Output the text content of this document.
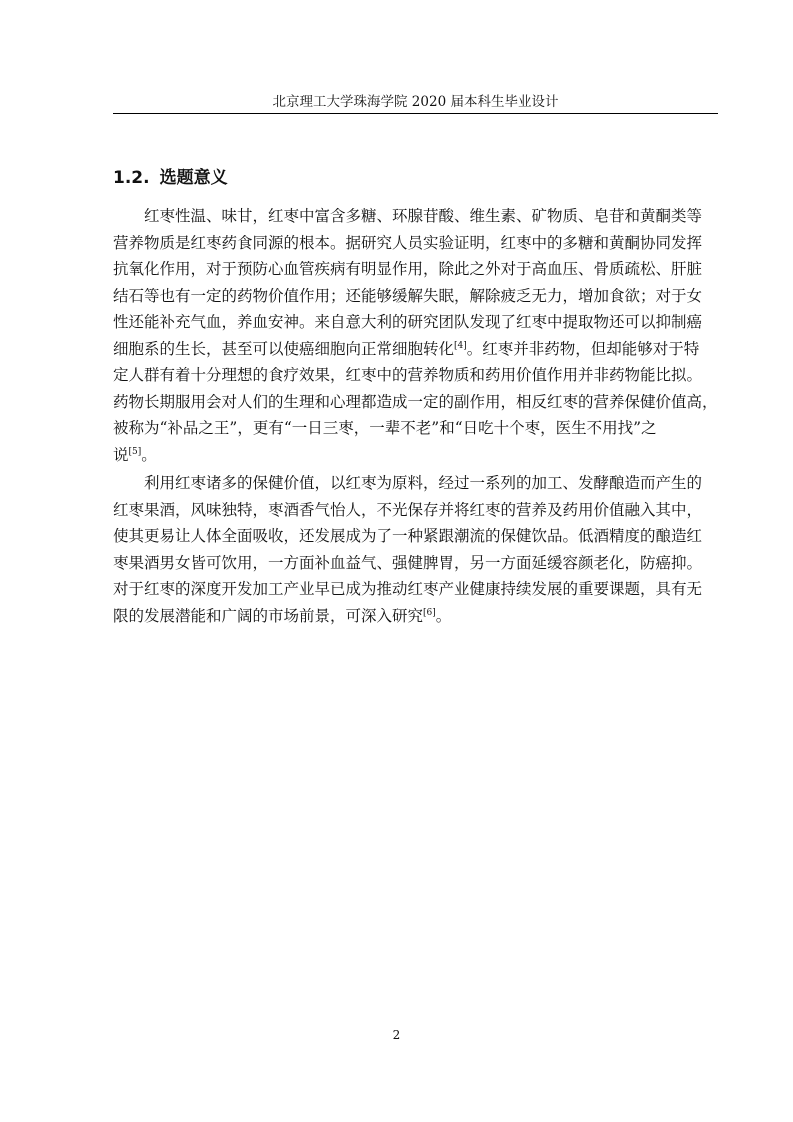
北京理工大学珠海学院 2020 届本科生毕业设计
1.2. 选题意义
红枣性温、味甘，红枣中富含多糖、环腺苷酸、维生素、矿物质、皂苷和黄酮类等
营养物质是红枣药食同源的根本。据研究人员实验证明，红枣中的多糖和黄酮协同发挥
抗氧化作用，对于预防心血管疾病有明显作用，除此之外对于高血压、骨质疏松、肝脏
结石等也有一定的药物价值作用；还能够缓解失眠，解除疲乏无力，增加食欲；对于女
性还能补充气血，养血安神。来自意大利的研究团队发现了红枣中提取物还可以抑制癌
细胞系的生长，甚至可以使癌细胞向正常细胞转化[4]。红枣并非药物，但却能够对于特
定人群有着十分理想的食疗效果，红枣中的营养物质和药用价值作用并非药物能比拟。
药物长期服用会对人们的生理和心理都造成一定的副作用，相反红枣的营养保健价值高，
被称为“补品之王”，更有“一日三枣，一辈不老”和“日吃十个枣，医生不用找”之
说[5]。
利用红枣诸多的保健价值，以红枣为原料，经过一系列的加工、发酵酿造而产生的
红枣果酒，风味独特，枣酒香气怡人，不光保存并将红枣的营养及药用价值融入其中，
使其更易让人体全面吸收，还发展成为了一种紧跟潮流的保健饮品。低酒精度的酿造红
枣果酒男女皆可饮用，一方面补血益气、强健脾胃，另一方面延缓容颜老化，防癌抑。
对于红枣的深度开发加工产业早已成为推动红枣产业健康持续发展的重要课题，具有无
限的发展潜能和广阔的市场前景，可深入研究[6]。
2
